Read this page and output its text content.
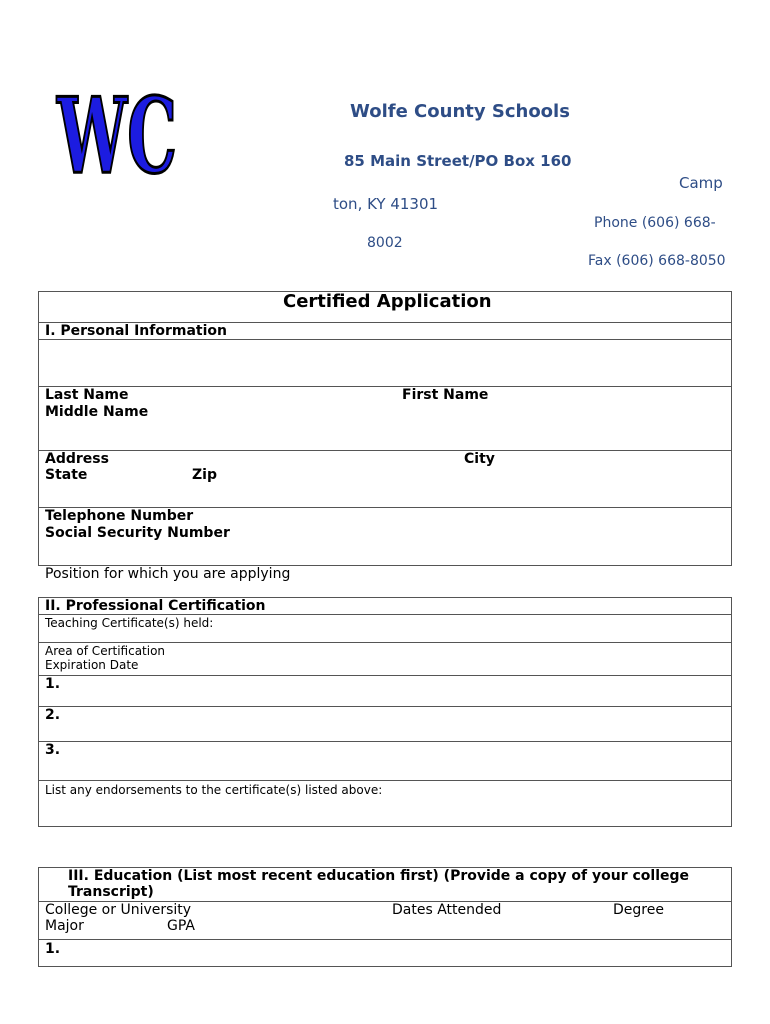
WC	Wolfe County Schools
85 Main Street/PO Box 160
Camp
ton, KY 41301
Phone (606) 668-
8002
Fax (606) 668-8050
Certified Application
I. Personal Information
Last Name	First Name
Middle Name
Address	City
State	Zip
Telephone Number
Social Security Number
Position for which you are applying
II. Professional Certification
Teaching Certificate(s) held:
Area of Certification
Expiration Date
1.
2.
3.
List any endorsements to the certificate(s) listed above:
III. Education (List most recent education first) (Provide a copy of your college
Transcript)
College or University	Dates Attended	Degree
Major	GPA
1.
